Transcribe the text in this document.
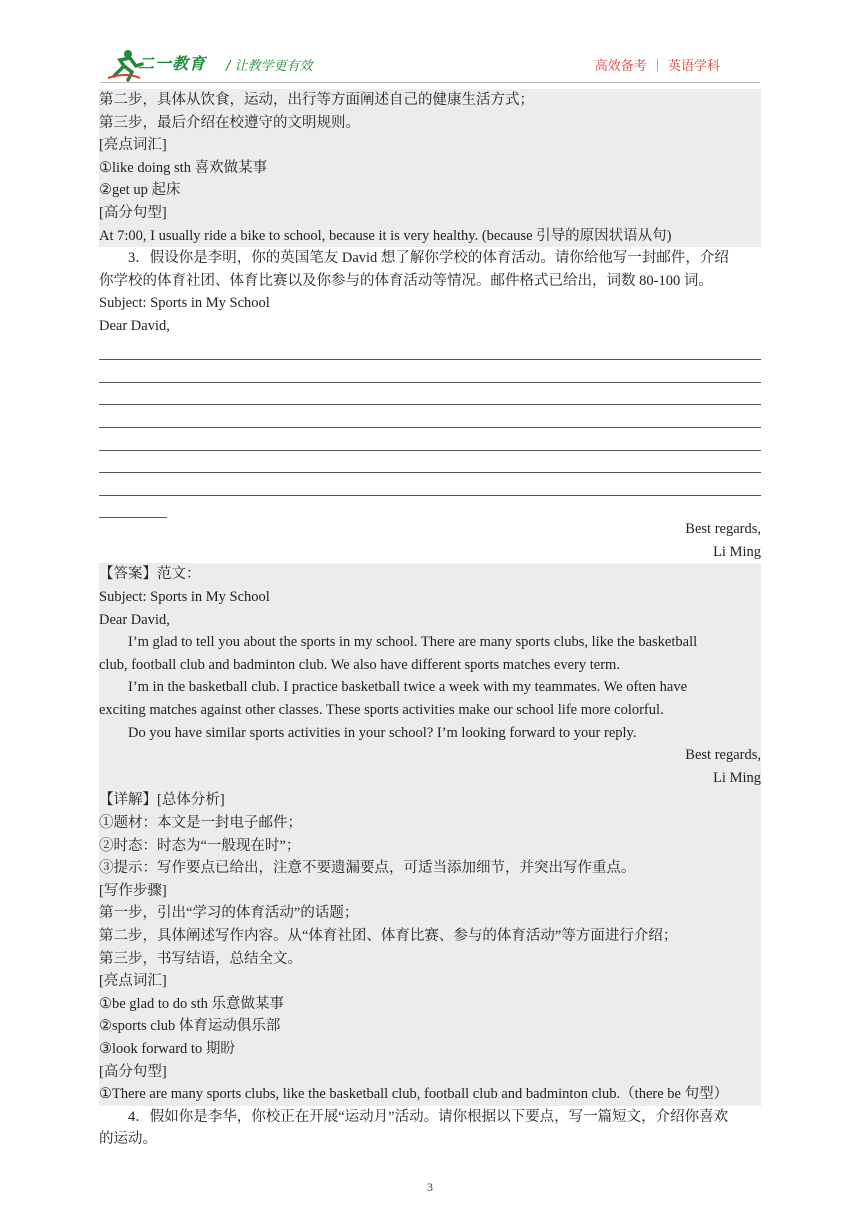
二一教育 / 让教学更有效	高效备考 ｜ 英语学科
第二步，具体从饮食，运动，出行等方面阐述自己的健康生活方式；
第三步，最后介绍在校遵守的文明规则。
[亮点词汇]
①like doing sth 喜欢做某事
②get up 起床
[高分句型]
At 7:00, I usually ride a bike to school, because it is very healthy. (because 引导的原因状语从句)
3．假设你是李明，你的英国笔友 David 想了解你学校的体育活动。请你给他写一封邮件，介绍
你学校的体育社团、体育比赛以及你参与的体育活动等情况。邮件格式已给出，词数 80-100 词。
Subject: Sports in My School
Dear David,
Best regards,
Li Ming
【答案】范文：
Subject: Sports in My School
Dear David,
I’m glad to tell you about the sports in my school. There are many sports clubs, like the basketball
club, football club and badminton club. We also have different sports matches every term.
I’m in the basketball club. I practice basketball twice a week with my teammates. We often have
exciting matches against other classes. These sports activities make our school life more colorful.
Do you have similar sports activities in your school? I’m looking forward to your reply.
Best regards,
Li Ming
【详解】[总体分析]
①题材：本文是一封电子邮件；
②时态：时态为“一般现在时”；
③提示：写作要点已给出，注意不要遗漏要点，可适当添加细节，并突出写作重点。
[写作步骤]
第一步，引出“学习的体育活动”的话题；
第二步，具体阐述写作内容。从“体育社团、体育比赛、参与的体育活动”等方面进行介绍；
第三步，书写结语，总结全文。
[亮点词汇]
①be glad to do sth 乐意做某事
②sports club 体育运动俱乐部
③look forward to 期盼
[高分句型]
①There are many sports clubs, like the basketball club, football club and badminton club.（there be 句型）
4．假如你是李华，你校正在开展“运动月”活动。请你根据以下要点，写一篇短文，介绍你喜欢
的运动。
3
